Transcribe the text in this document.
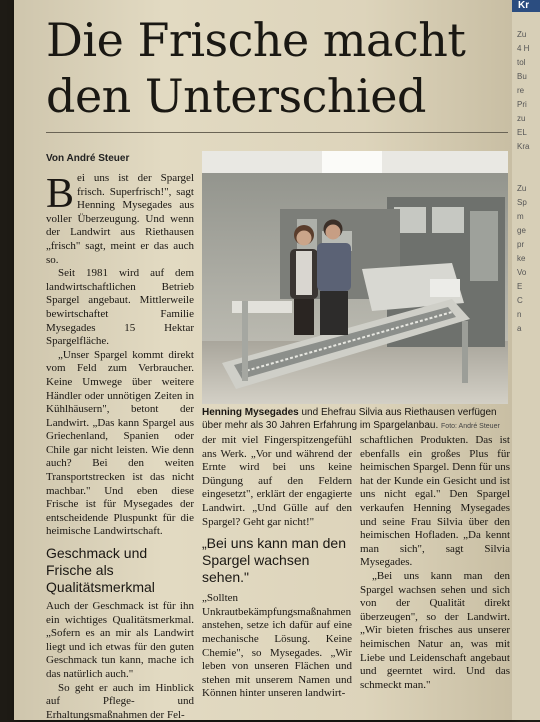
Kr
Zu
4 H
tol
Bu
re
Pri
zu
EL
Kra
Zu
Sp
m
ge
pr
ke
Vo
E
C
n
a
Die Frische macht
den Unterschied
Von André Steuer

Bei uns ist der Spargel frisch. Superfrisch!", sagt Henning Mysegades aus voller Überzeugung. Und wenn der Landwirt aus Riethausen „frisch" sagt, meint er das auch so.

Seit 1981 wird auf dem landwirtschaftlichen Betrieb Spargel angebaut. Mittlerweile bewirtschaftet Familie Mysegades 15 Hektar Spargelfläche.

„Unser Spargel kommt direkt vom Feld zum Verbraucher. Keine Umwege über weitere Händler oder unnötigen Zeiten in Kühlhäusern", betont der Landwirt. „Das kann Spargel aus Griechenland, Spanien oder Chile gar nicht leisten. Wie denn auch? Bei den weiten Transportstrecken ist das nicht machbar." Und eben diese Frische ist für Mysegades der entscheidende Pluspunkt für die heimische Landwirtschaft.

Geschmack und Frische als Qualitätsmerkmal

Auch der Geschmack ist für ihn ein wichtiges Qualitätsmerkmal. „Sofern es an mir als Landwirt liegt und ich etwas für den guten Geschmack tun kann, mache ich das natürlich auch."

So geht er auch im Hinblick auf Pflege- und Erhaltungsmaßnahmen der Fel-

Henning Mysegades und Ehefrau Silvia aus Riethausen verfügen über mehr als 30 Jahren Erfahrung im Spargelanbau. Foto: André Steuer

der mit viel Fingerspitzengefühl ans Werk. „Vor und während der Ernte wird bei uns keine Düngung auf den Feldern eingesetzt", erklärt der engagierte Landwirt. „Und Gülle auf den Spargel? Geht gar nicht!"

„Bei uns kann man den Spargel wachsen sehen."

„Sollten Unkrautbekämpfungsmaßnahmen anstehen, setze ich dafür auf eine mechanische Lösung. Keine Chemie", so Mysegades. „Wir leben von unseren Flächen und stehen mit unserem Namen und Können hinter unseren landwirt-

schaftlichen Produkten. Das ist ebenfalls ein großes Plus für heimischen Spargel. Denn für uns hat der Kunde ein Gesicht und ist uns nicht egal." Den Spargel verkaufen Henning Mysegades und seine Frau Silvia über den heimischen Hofladen. „Da kennt man sich", sagt Silvia Mysegades.

„Bei uns kann man den Spargel wachsen sehen und sich von der Qualität direkt überzeugen", so der Landwirt. „Wir bieten frisches aus unserer heimischen Natur an, was mit Liebe und Leidenschaft angebaut und geerntet wird. Und das schmeckt man."
